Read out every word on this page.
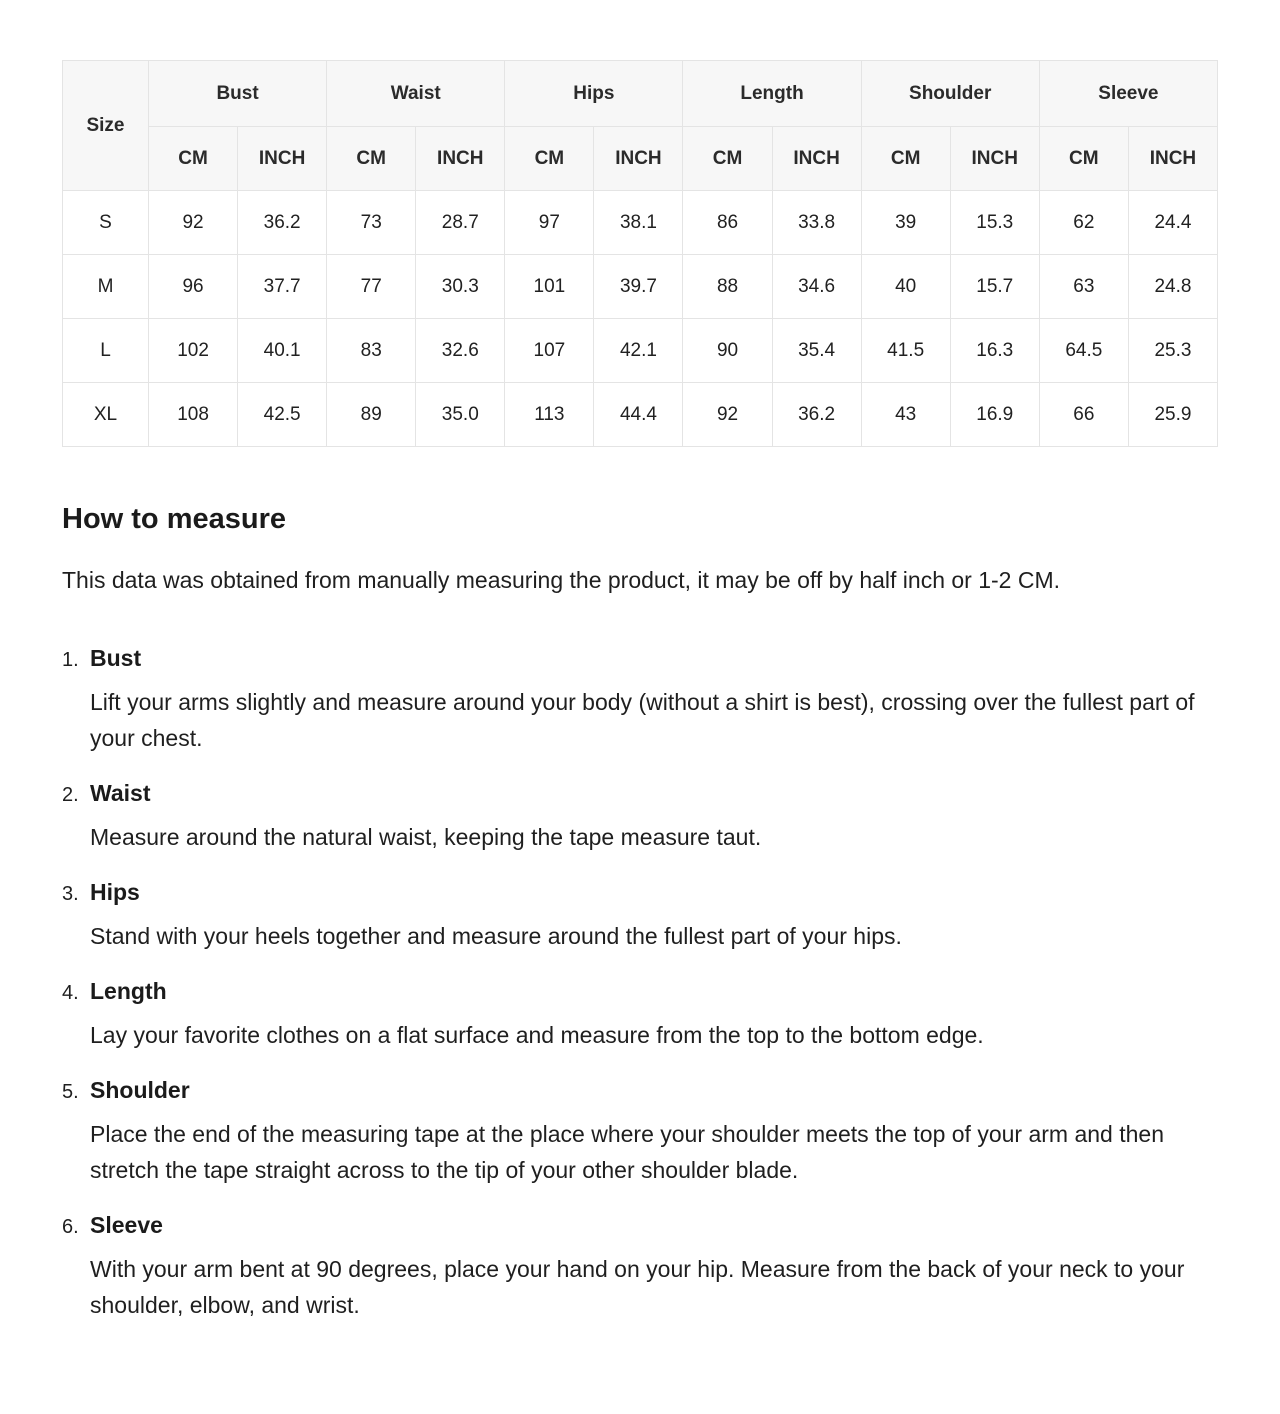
Size	Bust		Waist		Hips		Length		Shoulder		Sleeve	
	CM	INCH	CM	INCH	CM	INCH	CM	INCH	CM	INCH	CM	INCH
S	92	36.2	73	28.7	97	38.1	86	33.8	39	15.3	62	24.4
M	96	37.7	77	30.3	101	39.7	88	34.6	40	15.7	63	24.8
L	102	40.1	83	32.6	107	42.1	90	35.4	41.5	16.3	64.5	25.3
XL	108	42.5	89	35.0	113	44.4	92	36.2	43	16.9	66	25.9
How to measure

This data was obtained from manually measuring the product, it may be off by half inch or 1-2 CM.

1. Bust

Lift your arms slightly and measure around your body (without a shirt is best), crossing over the fullest part of your chest.

2. Waist

Measure around the natural waist, keeping the tape measure taut.

3. Hips

Stand with your heels together and measure around the fullest part of your hips.

4. Length

Lay your favorite clothes on a flat surface and measure from the top to the bottom edge.

5. Shoulder

Place the end of the measuring tape at the place where your shoulder meets the top of your arm and then stretch the tape straight across to the tip of your other shoulder blade.

6. Sleeve

With your arm bent at 90 degrees, place your hand on your hip. Measure from the back of your neck to your shoulder, elbow, and wrist.
